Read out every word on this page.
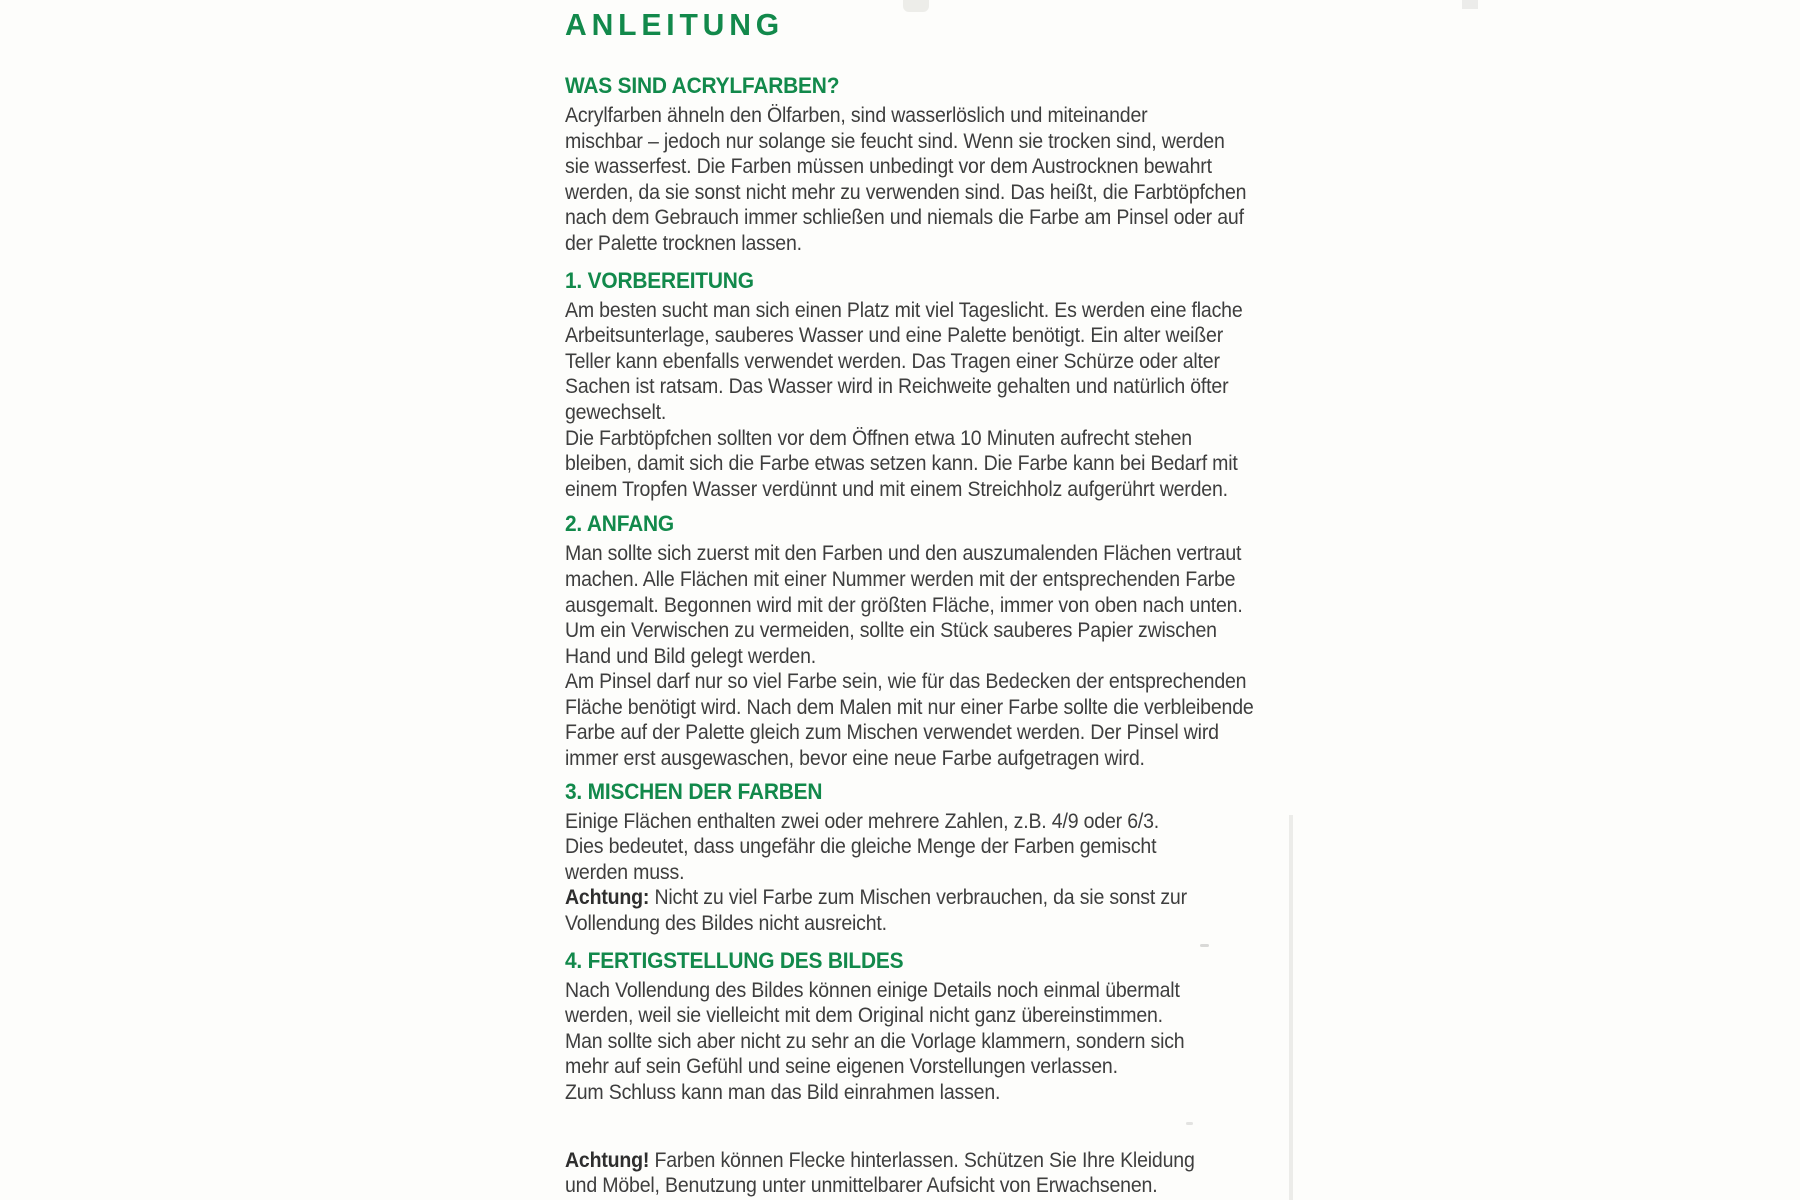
ANLEITUNG
WAS SIND ACRYLFARBEN?
Acrylfarben ähneln den Ölfarben, sind wasserlöslich und miteinander
mischbar – jedoch nur solange sie feucht sind. Wenn sie trocken sind, werden
sie wasserfest. Die Farben müssen unbedingt vor dem Austrocknen bewahrt
werden, da sie sonst nicht mehr zu verwenden sind. Das heißt, die Farbtöpfchen
nach dem Gebrauch immer schließen und niemals die Farbe am Pinsel oder auf
der Palette trocknen lassen.
1. VORBEREITUNG
Am besten sucht man sich einen Platz mit viel Tageslicht. Es werden eine flache
Arbeitsunterlage, sauberes Wasser und eine Palette benötigt. Ein alter weißer
Teller kann ebenfalls verwendet werden. Das Tragen einer Schürze oder alter
Sachen ist ratsam. Das Wasser wird in Reichweite gehalten und natürlich öfter
gewechselt.
Die Farbtöpfchen sollten vor dem Öffnen etwa 10 Minuten aufrecht stehen
bleiben, damit sich die Farbe etwas setzen kann. Die Farbe kann bei Bedarf mit
einem Tropfen Wasser verdünnt und mit einem Streichholz aufgerührt werden.
2. ANFANG
Man sollte sich zuerst mit den Farben und den auszumalenden Flächen vertraut
machen. Alle Flächen mit einer Nummer werden mit der entsprechenden Farbe
ausgemalt. Begonnen wird mit der größten Fläche, immer von oben nach unten.
Um ein Verwischen zu vermeiden, sollte ein Stück sauberes Papier zwischen
Hand und Bild gelegt werden.
Am Pinsel darf nur so viel Farbe sein, wie für das Bedecken der entsprechenden
Fläche benötigt wird. Nach dem Malen mit nur einer Farbe sollte die verbleibende
Farbe auf der Palette gleich zum Mischen verwendet werden. Der Pinsel wird
immer erst ausgewaschen, bevor eine neue Farbe aufgetragen wird.
3. MISCHEN DER FARBEN
Einige Flächen enthalten zwei oder mehrere Zahlen, z.B. 4/9 oder 6/3.
Dies bedeutet, dass ungefähr die gleiche Menge der Farben gemischt
werden muss.
Achtung: Nicht zu viel Farbe zum Mischen verbrauchen, da sie sonst zur
Vollendung des Bildes nicht ausreicht.
4. FERTIGSTELLUNG DES BILDES
Nach Vollendung des Bildes können einige Details noch einmal übermalt
werden, weil sie vielleicht mit dem Original nicht ganz übereinstimmen.
Man sollte sich aber nicht zu sehr an die Vorlage klammern, sondern sich
mehr auf sein Gefühl und seine eigenen Vorstellungen verlassen.
Zum Schluss kann man das Bild einrahmen lassen.
Achtung! Farben können Flecke hinterlassen. Schützen Sie Ihre Kleidung
und Möbel, Benutzung unter unmittelbarer Aufsicht von Erwachsenen.
